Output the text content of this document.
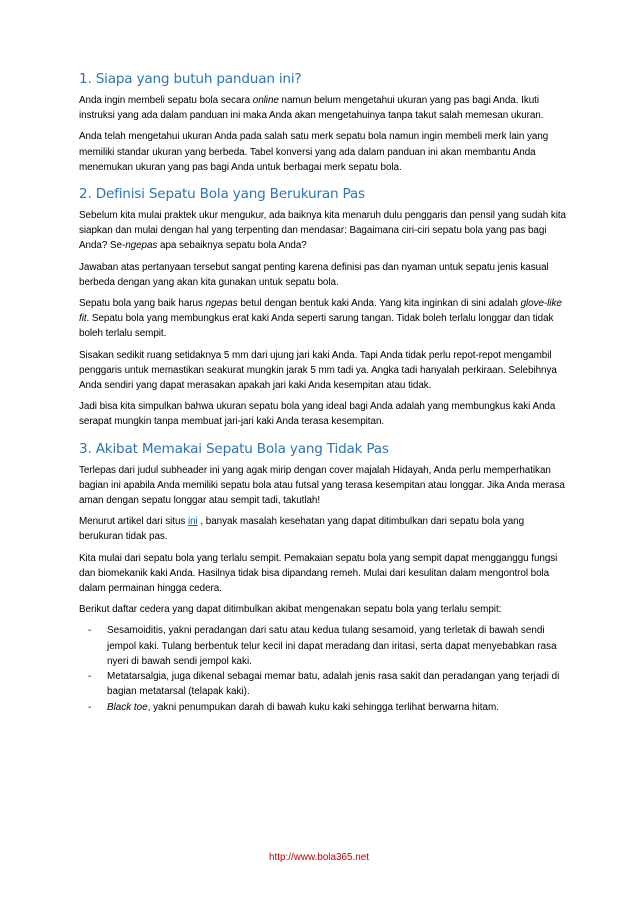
1. Siapa yang butuh panduan ini?

Anda ingin membeli sepatu bola secara online namun belum mengetahui ukuran yang pas bagi Anda. Ikuti instruksi yang ada dalam panduan ini maka Anda akan mengetahuinya tanpa takut salah memesan ukuran.

Anda telah mengetahui ukuran Anda pada salah satu merk sepatu bola namun ingin membeli merk lain yang memiliki standar ukuran yang berbeda. Tabel konversi yang ada dalam panduan ini akan membantu Anda menemukan ukuran yang pas bagi Anda untuk berbagai merk sepatu bola.

2. Definisi Sepatu Bola yang Berukuran Pas

Sebelum kita mulai praktek ukur mengukur, ada baiknya kita menaruh dulu penggaris dan pensil yang sudah kita siapkan dan mulai dengan hal yang terpenting dan mendasar: Bagaimana ciri-ciri sepatu bola yang pas bagi Anda? Se-ngepas apa sebaiknya sepatu bola Anda?

Jawaban atas pertanyaan tersebut sangat penting karena definisi pas dan nyaman untuk sepatu jenis kasual berbeda dengan yang akan kita gunakan untuk sepatu bola.

Sepatu bola yang baik harus ngepas betul dengan bentuk kaki Anda. Yang kita inginkan di sini adalah glove-like fit. Sepatu bola yang membungkus erat kaki Anda seperti sarung tangan. Tidak boleh terlalu longgar dan tidak boleh terlalu sempit.

Sisakan sedikit ruang setidaknya 5 mm dari ujung jari kaki Anda. Tapi Anda tidak perlu repot-repot mengambil penggaris untuk memastikan seakurat mungkin jarak 5 mm tadi ya. Angka tadi hanyalah perkiraan. Selebihnya Anda sendiri yang dapat merasakan apakah jari kaki Anda kesempitan atau tidak.

Jadi bisa kita simpulkan bahwa ukuran sepatu bola yang ideal bagi Anda adalah yang membungkus kaki Anda serapat mungkin tanpa membuat jari-jari kaki Anda terasa kesempitan.

3. Akibat Memakai Sepatu Bola yang Tidak Pas

Terlepas dari judul subheader ini yang agak mirip dengan cover majalah Hidayah, Anda perlu memperhatikan bagian ini apabila Anda memiliki sepatu bola atau futsal yang terasa kesempitan atau longgar. Jika Anda merasa aman dengan sepatu longgar atau sempit tadi, takutlah!

Menurut artikel dari situs ini , banyak masalah kesehatan yang dapat ditimbulkan dari sepatu bola yang berukuran tidak pas.

Kita mulai dari sepatu bola yang terlalu sempit. Pemakaian sepatu bola yang sempit dapat mengganggu fungsi dan biomekanik kaki Anda. Hasilnya tidak bisa dipandang remeh. Mulai dari kesulitan dalam mengontrol bola dalam permainan hingga cedera.

Berikut daftar cedera yang dapat ditimbulkan akibat mengenakan sepatu bola yang terlalu sempit:

- Sesamoiditis, yakni peradangan dari satu atau kedua tulang sesamoid, yang terletak di bawah sendi jempol kaki. Tulang berbentuk telur kecil ini dapat meradang dan iritasi, serta dapat menyebabkan rasa nyeri di bawah sendi jempol kaki.
- Metatarsalgia, juga dikenal sebagai memar batu, adalah jenis rasa sakit dan peradangan yang terjadi di bagian metatarsal (telapak kaki).
- Black toe, yakni penumpukan darah di bawah kuku kaki sehingga terlihat berwarna hitam.
http://www.bola365.net
